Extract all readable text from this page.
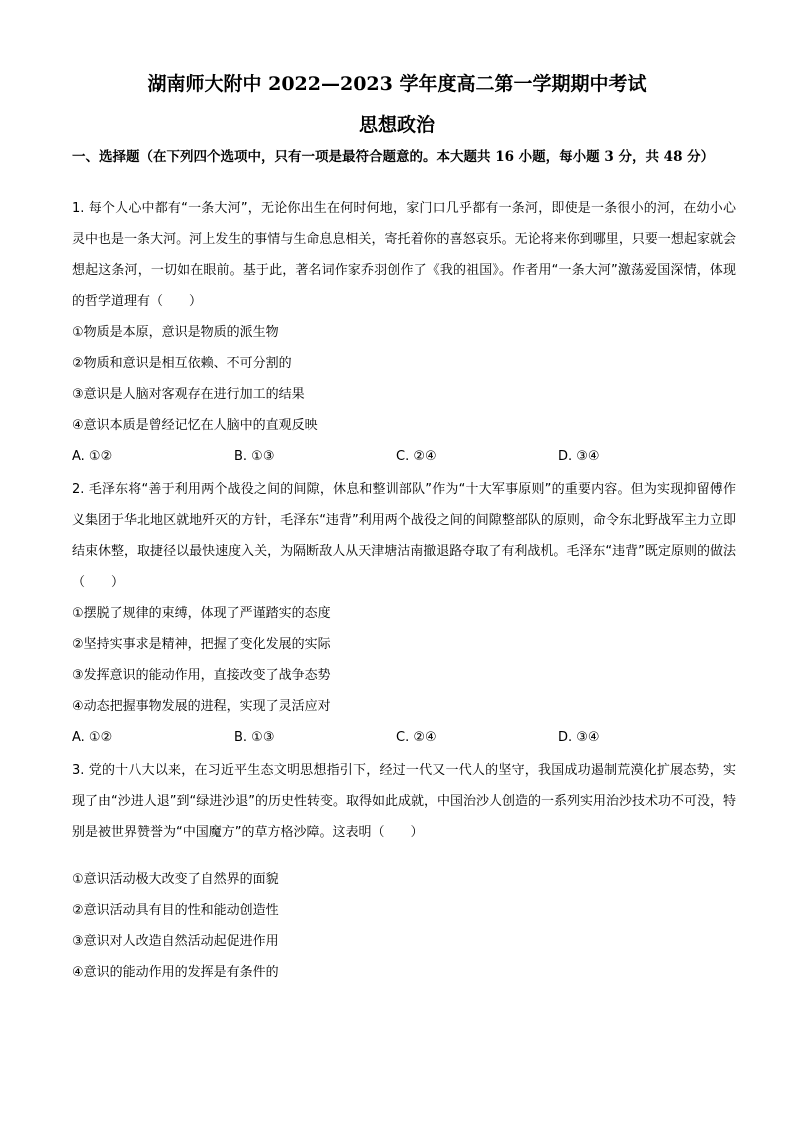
湖南师大附中 2022—2023 学年度高二第一学期期中考试
思想政治
一、选择题（在下列四个选项中，只有一项是最符合题意的。本大题共 16 小题，每小题 3 分，共 48 分）

1. 每个人心中都有“一条大河”，无论你出生在何时何地，家门口几乎都有一条河，即使是一条很小的河，在幼小心灵中也是一条大河。河上发生的事情与生命息息相关，寄托着你的喜怒哀乐。无论将来你到哪里，只要一想起家就会想起这条河，一切如在眼前。基于此，著名词作家乔羽创作了《我的祖国》。作者用“一条大河”激荡爱国深情，体现的哲学道理有（　　）

①物质是本原，意识是物质的派生物

②物质和意识是相互依赖、不可分割的

③意识是人脑对客观存在进行加工的结果

④意识本质是曾经记忆在人脑中的直观反映

A. ①②	B. ①③	C. ②④	D. ③④

2. 毛泽东将“善于利用两个战役之间的间隙，休息和整训部队”作为“十大军事原则”的重要内容。但为实现抑留傅作义集团于华北地区就地歼灭的方针，毛泽东“违背”利用两个战役之间的间隙整部队的原则，命令东北野战军主力立即结束休整，取捷径以最快速度入关，为隔断敌人从天津塘沽南撤退路夺取了有利战机。毛泽东“违背”既定原则的做法（　　）

①摆脱了规律的束缚，体现了严谨踏实的态度

②坚持实事求是精神，把握了变化发展的实际

③发挥意识的能动作用，直接改变了战争态势

④动态把握事物发展的进程，实现了灵活应对

A. ①②	B. ①③	C. ②④	D. ③④

3. 党的十八大以来，在习近平生态文明思想指引下，经过一代又一代人的坚守，我国成功遏制荒漠化扩展态势，实现了由“沙进人退”到“绿进沙退”的历史性转变。取得如此成就，中国治沙人创造的一系列实用治沙技术功不可没，特别是被世界赞誉为“中国魔方”的草方格沙障。这表明（　　）

①意识活动极大改变了自然界的面貌

②意识活动具有目的性和能动创造性

③意识对人改造自然活动起促进作用

④意识的能动作用的发挥是有条件的
